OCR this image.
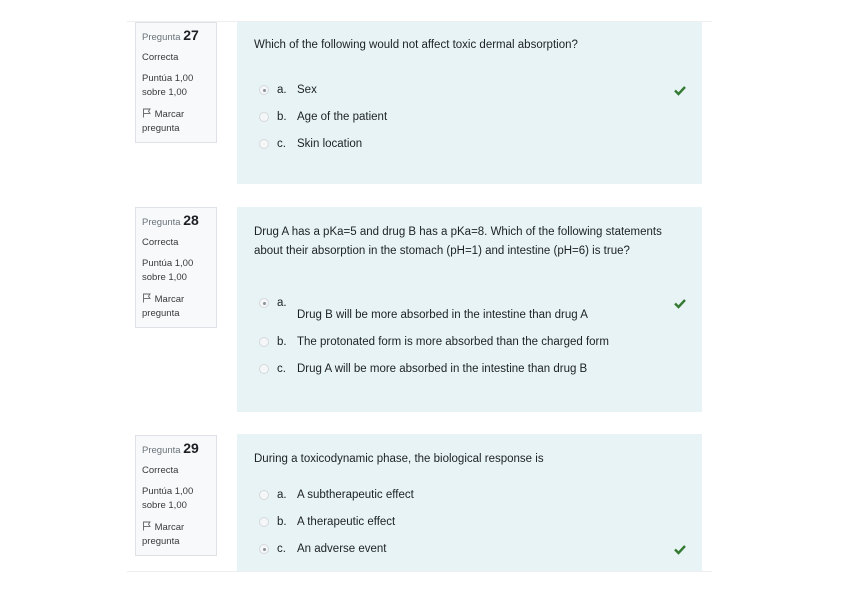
Pregunta 27
Correcta
Puntúa 1,00
sobre 1,00
Marcar
pregunta
Which of the following would not affect toxic dermal absorption?
a. Sex
b. Age of the patient
c. Skin location
Pregunta 28
Correcta
Puntúa 1,00
sobre 1,00
Marcar
pregunta
Drug A has a pKa=5 and drug B has a pKa=8. Which of the following statements about their absorption in the stomach (pH=1) and intestine (pH=6) is true?
a.
Drug B will be more absorbed in the intestine than drug A
b. The protonated form is more absorbed than the charged form
c. Drug A will be more absorbed in the intestine than drug B
Pregunta 29
Correcta
Puntúa 1,00
sobre 1,00
Marcar
pregunta
During a toxicodynamic phase, the biological response is
a. A subtherapeutic effect
b. A therapeutic effect
c. An adverse event
